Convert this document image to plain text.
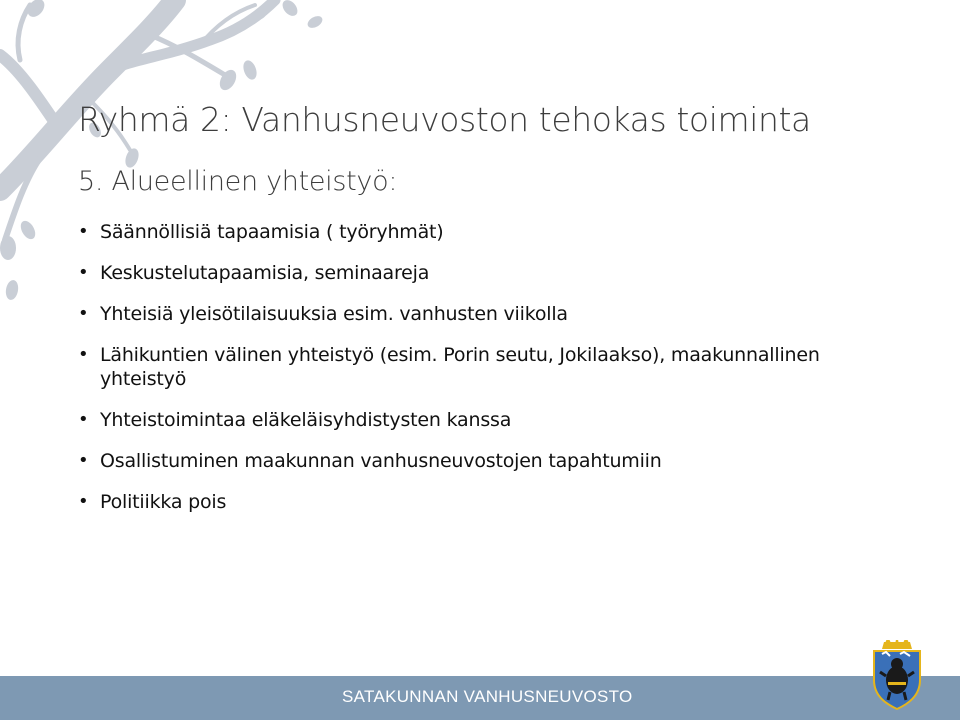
Ryhmä 2: Vanhusneuvoston tehokas toiminta
5. Alueellinen yhteistyö:
• Säännöllisiä tapaamisia ( työryhmät)
• Keskustelutapaamisia, seminaareja
• Yhteisiä yleisötilaisuuksia esim. vanhusten viikolla
• Lähikuntien välinen yhteistyö (esim. Porin seutu, Jokilaakso), maakunnallinen yhteistyö
• Yhteistoimintaa eläkeläisyhdistysten kanssa
• Osallistuminen maakunnan vanhusneuvostojen tapahtumiin
• Politiikka pois

SATAKUNNAN VANHUSNEUVOSTO
